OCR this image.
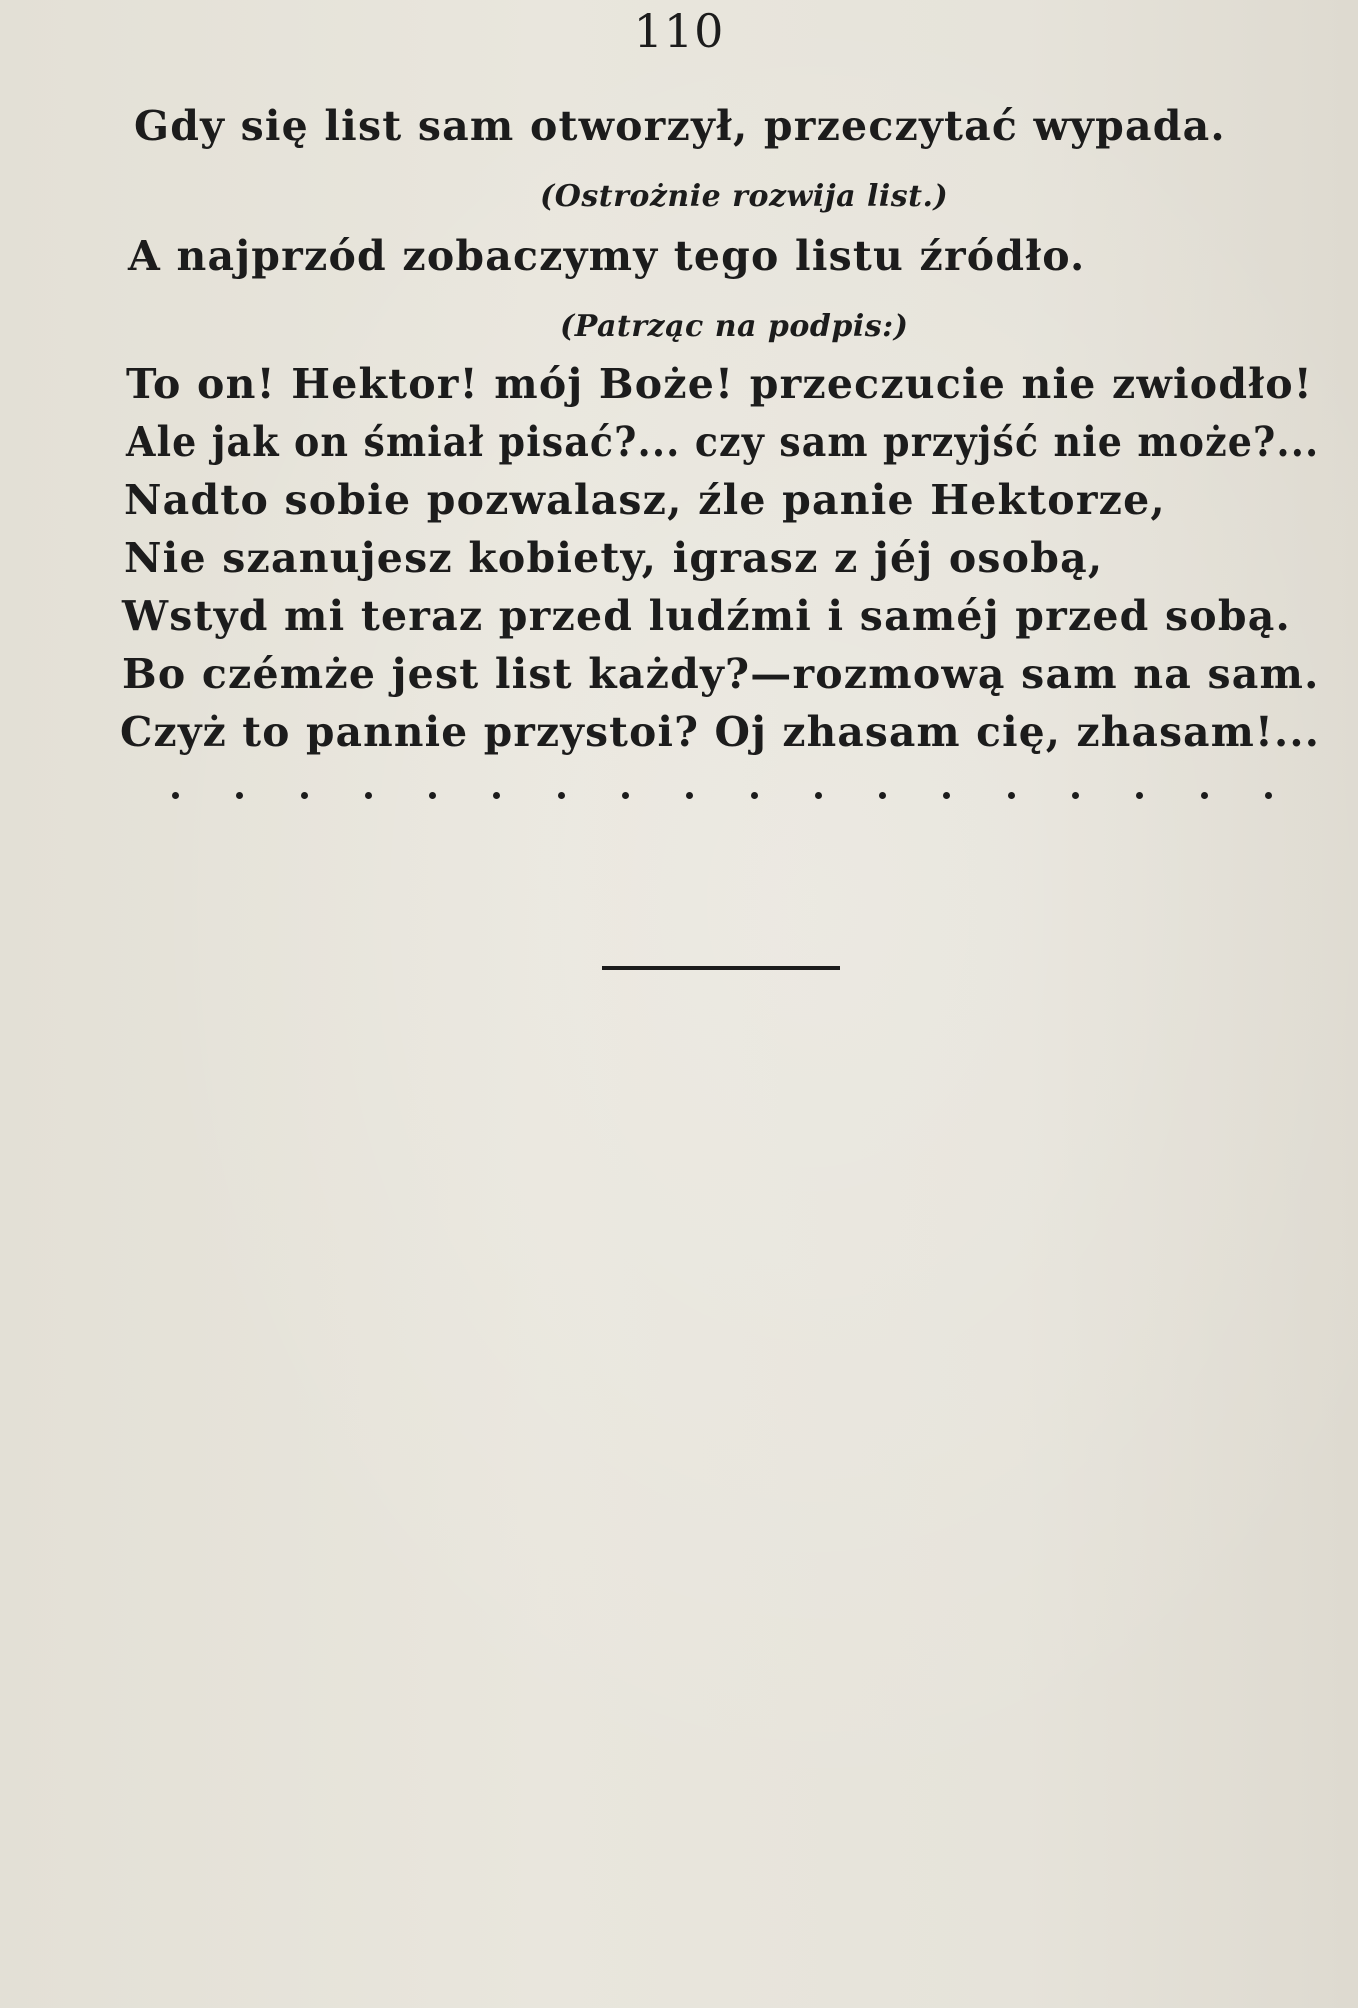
110
Gdy się list sam otworzył, przeczytać wypada.
(Ostrożnie rozwija list.)
A najprzód zobaczymy tego listu źródło.
(Patrząc na podpis:)
To on! Hektor! mój Boże! przeczucie nie zwiodło!
Ale jak on śmiał pisać?... czy sam przyjść nie może?...
Nadto sobie pozwalasz, źle panie Hektorze,
Nie szanujesz kobiety, igrasz z jéj osobą,
Wstyd mi teraz przed ludźmi i saméj przed sobą.
Bo czémże jest list każdy?—rozmową sam na sam.
Czyż to pannie przystoi? Oj zhasam cię, zhasam!...
